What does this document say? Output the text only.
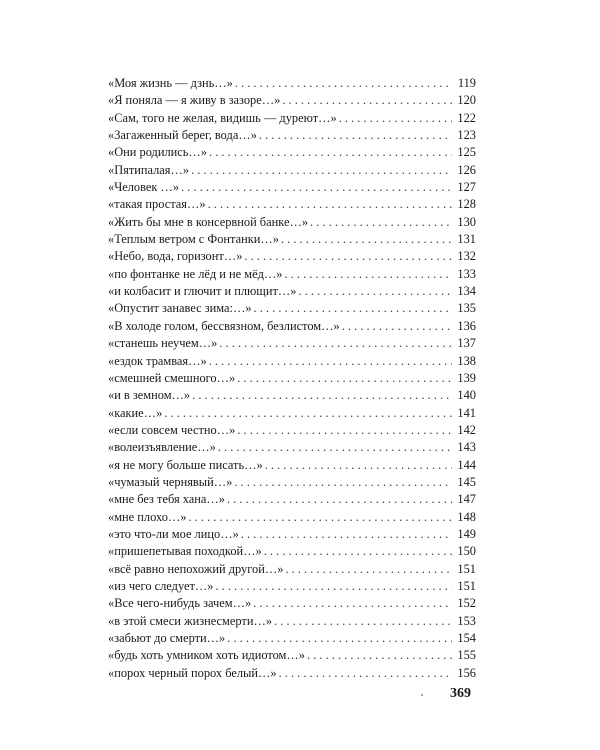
«Моя жизнь — дзнь…» . . .	119
«Я поняла — я живу в зазоре…» . . .	120
«Сам, того не желая, видишь — дуреют…» . . .	122
«Загаженный берег, вода…» . . .	123
«Они родились…» . . .	125
«Пятипалая…» . . .	126
«Человек …» . . .	127
«такая простая…» . . .	128
«Жить бы мне в консервной банке…» . . .	130
«Теплым ветром с Фонтанки…» . . .	131
«Небо, вода, горизонт…» . . .	132
«по фонтанке не лёд и не мёд…» . . .	133
«и колбасит и глючит и плющит…» . . .	134
«Опустит занавес зима:…» . . .	135
«В холоде голом, бессвязном, безлистом…» . . .	136
«станешь неучем…» . . .	137
«ездок трамвая…» . . .	138
«смешней смешного…» . . .	139
«и в земном…» . . .	140
«какие…» . . .	141
«если совсем честно…» . . .	142
«волеизъявление…» . . .	143
«я не могу больше писать…» . . .	144
«чумазый чернявый…» . . .	145
«мне без тебя хана…» . . .	147
«мне плохо…» . . .	148
«это что-ли мое лицо…» . . .	149
«пришепетывая походкой…» . . .	150
«всё равно непохожий другой…» . . .	151
«из чего следует…» . . .	151
«Все чего-нибудь зачем…» . . .	152
«в этой смеси жизнесмерти…» . . .	153
«забьют до смерти…» . . .	154
«будь хоть умником хоть идиотом…» . . .	155
«порох черный порох белый…» . . .	156
369
